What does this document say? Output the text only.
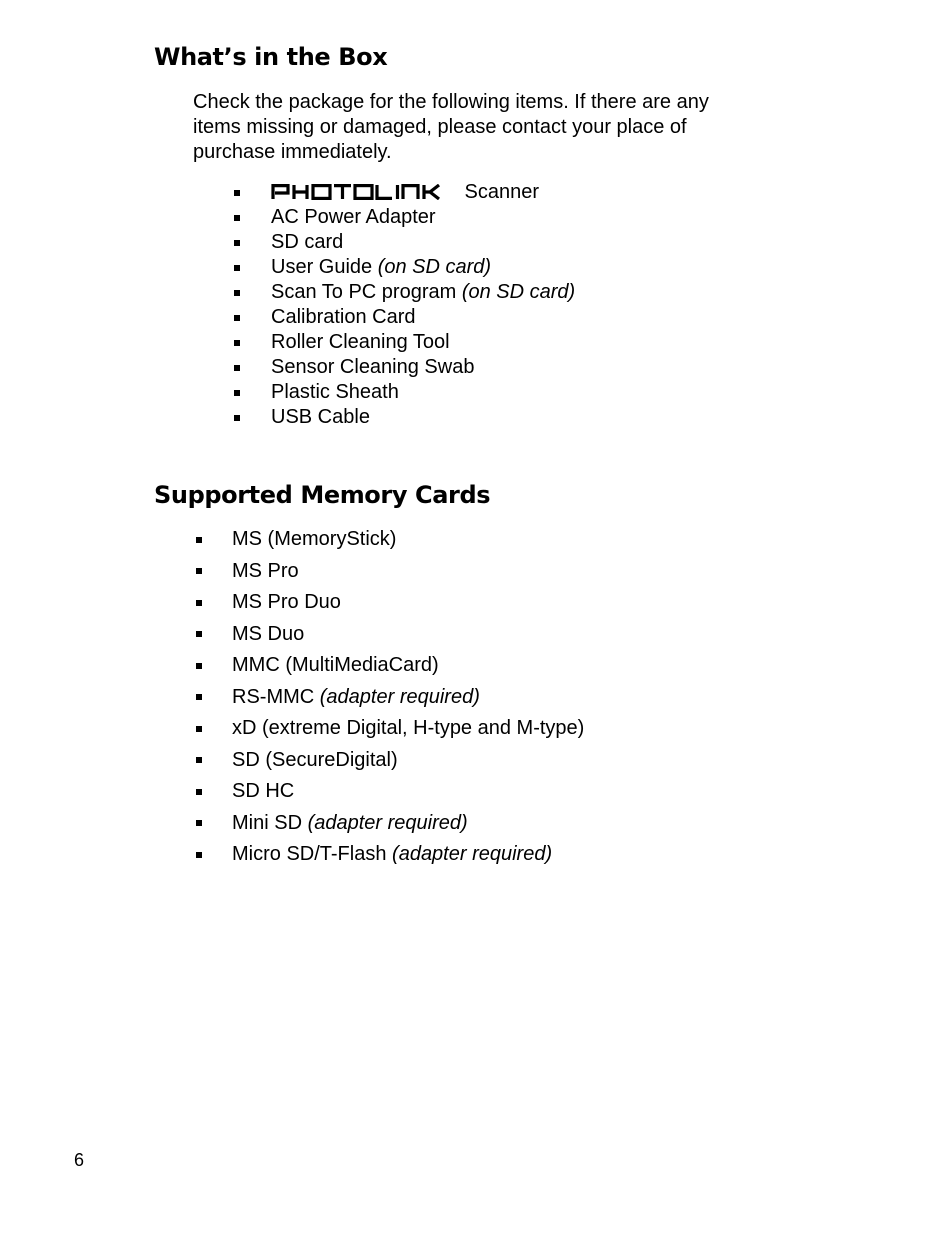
What’s in the Box
Check the package for the following items. If there are any
items missing or damaged, please contact your place of
purchase immediately.
Scanner
AC Power Adapter
SD card
User Guide (on SD card)
Scan To PC program (on SD card)
Calibration Card
Roller Cleaning Tool
Sensor Cleaning Swab
Plastic Sheath
USB Cable
Supported Memory Cards
MS (MemoryStick)
MS Pro
MS Pro Duo
MS Duo
MMC (MultiMediaCard)
RS-MMC (adapter required)
xD (extreme Digital, H-type and M-type)
SD (SecureDigital)
SD HC
Mini SD (adapter required)
Micro SD/T-Flash (adapter required)
6
